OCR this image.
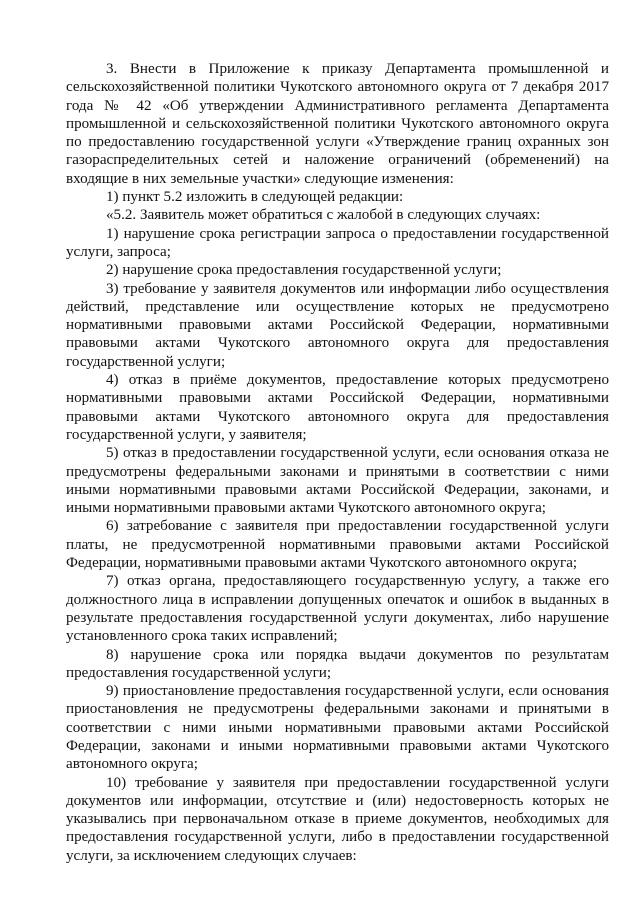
3. Внести в Приложение к приказу Департамента промышленной и сельскохозяйственной политики Чукотского автономного округа от 7 декабря 2017 года № 42 «Об утверждении Административного регламента Департамента промышленной и сельскохозяйственной политики Чукотского автономного округа по предоставлению государственной услуги «Утверждение границ охранных зон газораспределительных сетей и наложение ограничений (обременений) на входящие в них земельные участки» следующие изменения:

1) пункт 5.2 изложить в следующей редакции:

«5.2. Заявитель может обратиться с жалобой в следующих случаях:

1) нарушение срока регистрации запроса о предоставлении государственной услуги, запроса;

2) нарушение срока предоставления государственной услуги;

3) требование у заявителя документов или информации либо осуществления действий, представление или осуществление которых не предусмотрено нормативными правовыми актами Российской Федерации, нормативными правовыми актами Чукотского автономного округа для предоставления государственной услуги;

4) отказ в приёме документов, предоставление которых предусмотрено нормативными правовыми актами Российской Федерации, нормативными правовыми актами Чукотского автономного округа для предоставления государственной услуги, у заявителя;

5) отказ в предоставлении государственной услуги, если основания отказа не предусмотрены федеральными законами и принятыми в соответствии с ними иными нормативными правовыми актами Российской Федерации, законами, и иными нормативными правовыми актами Чукотского автономного округа;

6) затребование с заявителя при предоставлении государственной услуги платы, не предусмотренной нормативными правовыми актами Российской Федерации, нормативными правовыми актами Чукотского автономного округа;

7) отказ органа, предоставляющего государственную услугу, а также его должностного лица в исправлении допущенных опечаток и ошибок в выданных в результате предоставления государственной услуги документах, либо нарушение установленного срока таких исправлений;

8) нарушение срока или порядка выдачи документов по результатам предоставления государственной услуги;

9) приостановление предоставления государственной услуги, если основания приостановления не предусмотрены федеральными законами и принятыми в соответствии с ними иными нормативными правовыми актами Российской Федерации, законами и иными нормативными правовыми актами Чукотского автономного округа;

10) требование у заявителя при предоставлении государственной услуги документов или информации, отсутствие и (или) недостоверность которых не указывались при первоначальном отказе в приеме документов, необходимых для предоставления государственной услуги, либо в предоставлении государственной услуги, за исключением следующих случаев:
